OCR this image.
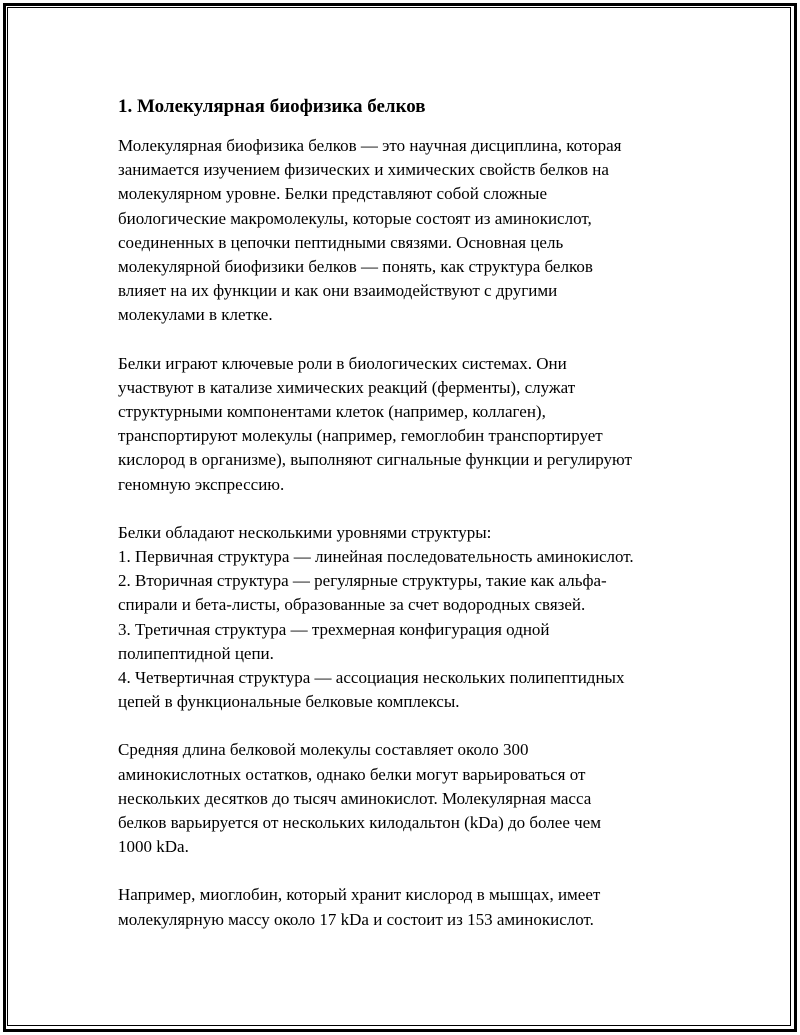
1. Молекулярная биофизика белков

Молекулярная биофизика белков — это научная дисциплина, которая
занимается изучением физических и химических свойств белков на
молекулярном уровне. Белки представляют собой сложные
биологические макромолекулы, которые состоят из аминокислот,
соединенных в цепочки пептидными связями. Основная цель
молекулярной биофизики белков — понять, как структура белков
влияет на их функции и как они взаимодействуют с другими
молекулами в клетке.

Белки играют ключевые роли в биологических системах. Они
участвуют в катализе химических реакций (ферменты), служат
структурными компонентами клеток (например, коллаген),
транспортируют молекулы (например, гемоглобин транспортирует
кислород в организме), выполняют сигнальные функции и регулируют
геномную экспрессию.

Белки обладают несколькими уровнями структуры:
1. Первичная структура — линейная последовательность аминокислот.
2. Вторичная структура — регулярные структуры, такие как альфа-
спирали и бета-листы, образованные за счет водородных связей.
3. Третичная структура — трехмерная конфигурация одной
полипептидной цепи.
4. Четвертичная структура — ассоциация нескольких полипептидных
цепей в функциональные белковые комплексы.

Средняя длина белковой молекулы составляет около 300
аминокислотных остатков, однако белки могут варьироваться от
нескольких десятков до тысяч аминокислот. Молекулярная масса
белков варьируется от нескольких килодальтон (kDa) до более чем
1000 kDa.

Например, миоглобин, который хранит кислород в мышцах, имеет
молекулярную массу около 17 kDa и состоит из 153 аминокислот.
